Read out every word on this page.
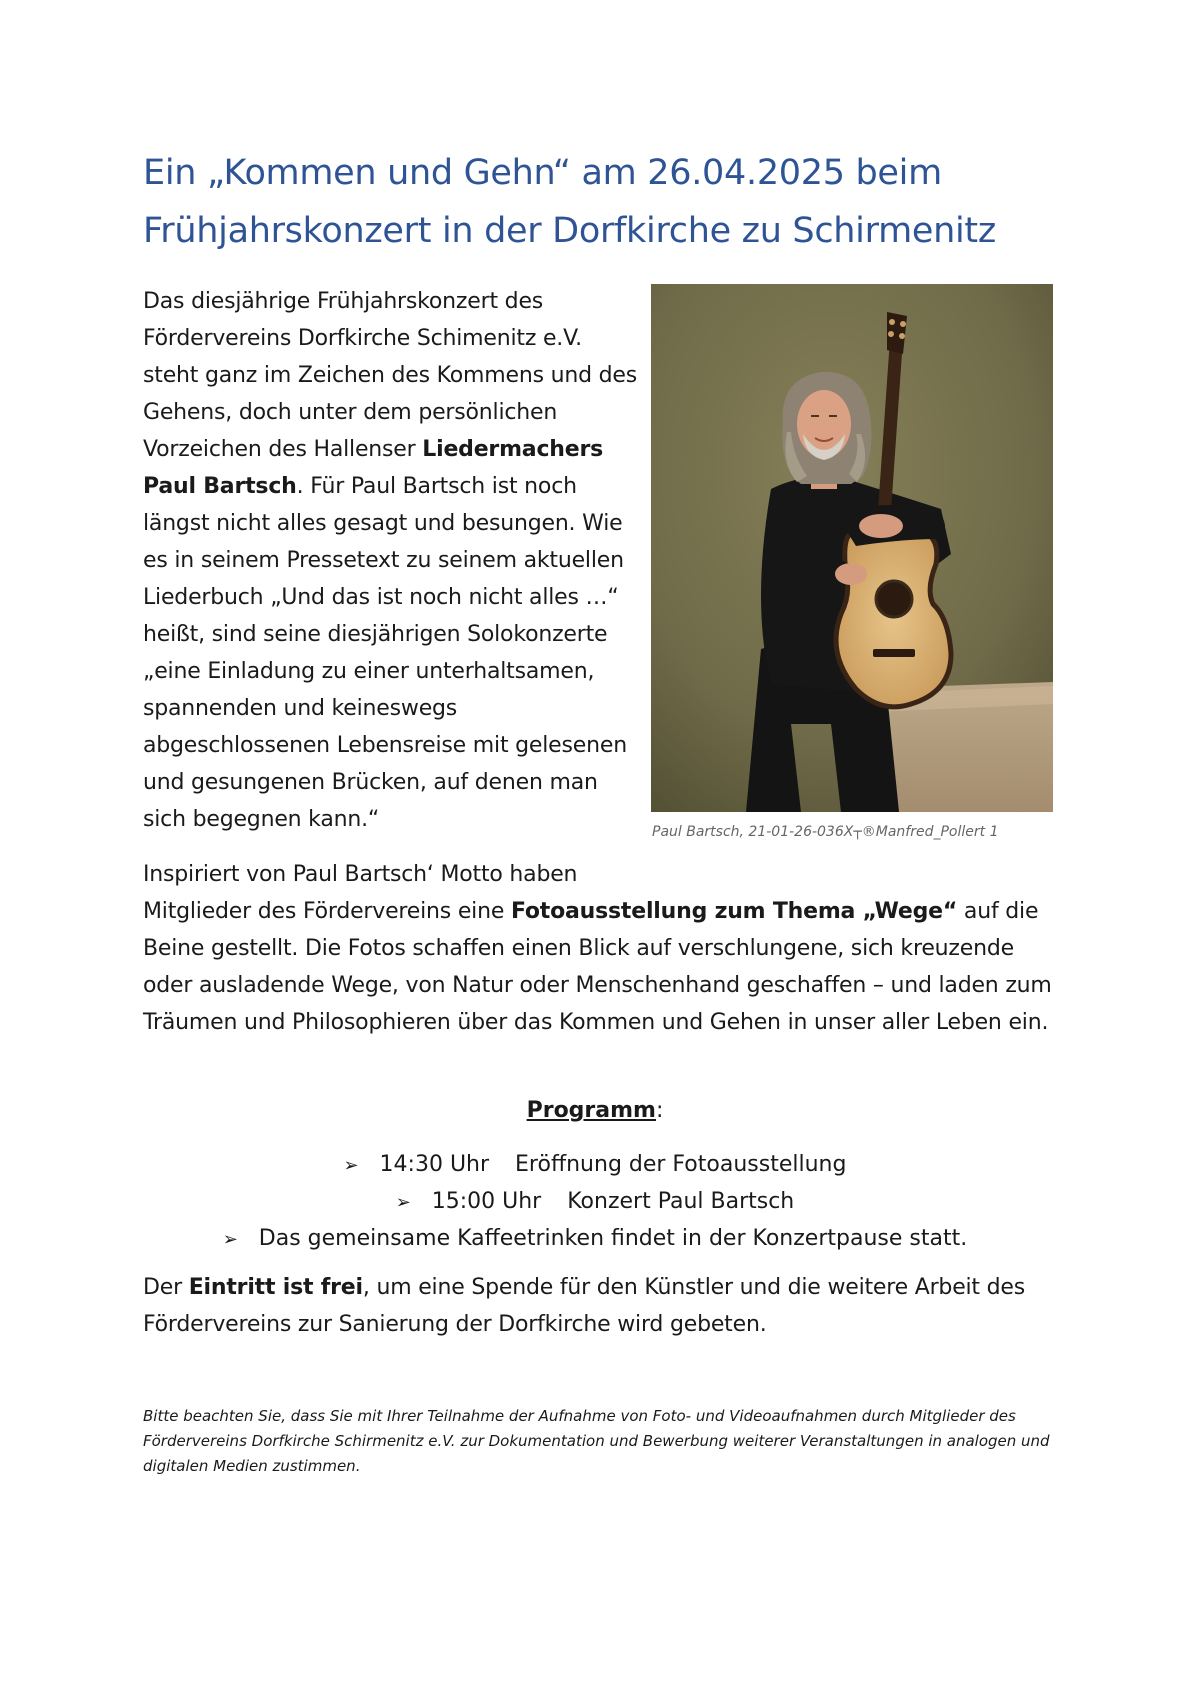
Ein „Kommen und Gehn“ am 26.04.2025 beim
Frühjahrskonzert in der Dorfkirche zu Schirmenitz

Das diesjährige Frühjahrskonzert des Fördervereins Dorfkirche Schimenitz e.V. steht ganz im Zeichen des Kommens und des Gehens, doch unter dem persönlichen Vorzeichen des Hallenser Liedermachers Paul Bartsch. Für Paul Bartsch ist noch längst nicht alles gesagt und besungen. Wie es in seinem Pressetext zu seinem aktuellen Liederbuch „Und das ist noch nicht alles …“ heißt, sind seine diesjährigen Solokonzerte „eine Einladung zu einer unterhaltsamen, spannenden und keineswegs abgeschlossenen Lebensreise mit gelesenen und gesungenen Brücken, auf denen man sich begegnen kann.“	Paul Bartsch, 21-01-26-036X┬®Manfred_Pollert 1

Inspiriert von Paul Bartsch‘ Motto haben
Mitglieder des Fördervereins eine Fotoausstellung zum Thema „Wege“ auf die Beine gestellt. Die Fotos schaffen einen Blick auf verschlungene, sich kreuzende oder ausladende Wege, von Natur oder Menschenhand geschaffen – und laden zum Träumen und Philosophieren über das Kommen und Gehen in unser aller Leben ein.

Programm:
➢ 14:30 Uhr Eröffnung der Fotoausstellung
➢ 15:00 Uhr Konzert Paul Bartsch
➢ Das gemeinsame Kaffeetrinken findet in der Konzertpause statt.

Der Eintritt ist frei, um eine Spende für den Künstler und die weitere Arbeit des Fördervereins zur Sanierung der Dorfkirche wird gebeten.

Bitte beachten Sie, dass Sie mit Ihrer Teilnahme der Aufnahme von Foto- und Videoaufnahmen durch Mitglieder des Fördervereins Dorfkirche Schirmenitz e.V. zur Dokumentation und Bewerbung weiterer Veranstaltungen in analogen und digitalen Medien zustimmen.
